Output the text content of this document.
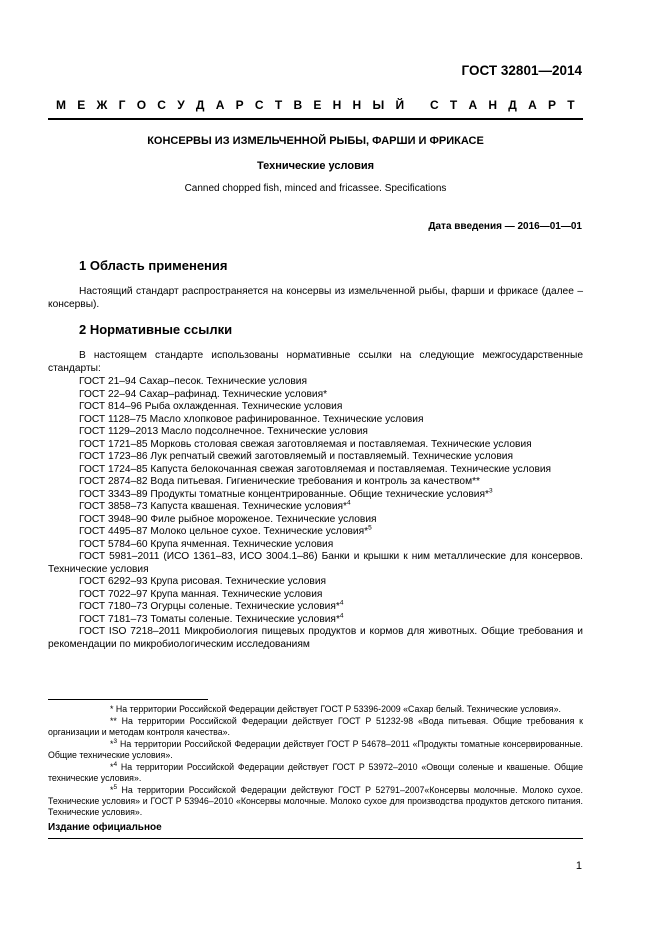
ГОСТ 32801—2014
М Е Ж Г О С У Д А Р С Т В Е Н Н Ы Й
С Т А Н Д А Р Т
КОНСЕРВЫ ИЗ ИЗМЕЛЬЧЕННОЙ РЫБЫ, ФАРШИ И ФРИКАСЕ
Технические условия
Canned chopped fish, minced and fricassee. Specifications
Дата введения — 2016—01—01
1 Область применения
Настоящий стандарт распространяется на консервы из измельченной рыбы, фарши и фрикасе (далее – консервы).
2 Нормативные ссылки
В настоящем стандарте использованы нормативные ссылки на следующие межгосударственные стандарты:
ГОСТ 21–94 Сахар–песок. Технические условия
ГОСТ 22–94 Сахар–рафинад. Технические условия*
ГОСТ 814–96 Рыба охлажденная. Технические условия
ГОСТ 1128–75 Масло хлопковое рафинированное. Технические условия
ГОСТ 1129–2013 Масло подсолнечное. Технические условия
ГОСТ 1721–85 Морковь столовая свежая заготовляемая и поставляемая. Технические условия
ГОСТ 1723–86 Лук репчатый свежий заготовляемый и поставляемый. Технические условия
ГОСТ 1724–85 Капуста белокочанная свежая заготовляемая и поставляемая. Технические условия
ГОСТ 2874–82 Вода питьевая. Гигиенические требования и контроль за качеством**
ГОСТ 3343–89 Продукты томатные концентрированные. Общие технические условия*$^3$
ГОСТ 3858–73 Капуста квашеная. Технические условия*$^4$
ГОСТ 3948–90 Филе рыбное мороженое. Технические условия
ГОСТ 4495–87 Молоко цельное сухое. Технические условия*$^5$
ГОСТ 5784–60 Крупа ячменная. Технические условия
ГОСТ 5981–2011 (ИСО 1361–83, ИСО 3004.1–86) Банки и крышки к ним металлические для консервов. Технические условия
ГОСТ 6292–93 Крупа рисовая. Технические условия
ГОСТ 7022–97 Крупа манная. Технические условия
ГОСТ 7180–73 Огурцы соленые. Технические условия*$^4$
ГОСТ 7181–73 Томаты соленые. Технические условия*$^4$
ГОСТ ISO 7218–2011 Микробиология пищевых продуктов и кормов для животных. Общие требования и рекомендации по микробиологическим исследованиям
* На территории Российской Федерации действует ГОСТ Р 53396-2009 «Сахар белый. Технические условия».
** На территории Российской Федерации действует ГОСТ Р 51232-98 «Вода питьевая. Общие требования к организации и методам контроля качества».
*$^3$ На территории Российской Федерации действует ГОСТ Р 54678–2011 «Продукты томатные консервированные. Общие технические условия».
*$^4$ На территории Российской Федерации действует ГОСТ Р 53972–2010 «Овощи соленые и квашеные. Общие технические условия».
*$^5$ На территории Российской Федерации действуют ГОСТ Р 52791–2007«Консервы молочные. Молоко сухое. Технические условия» и ГОСТ Р 53946–2010 «Консервы молочные. Молоко сухое для производства продуктов детского питания. Технические условия».
Издание официальное
1
